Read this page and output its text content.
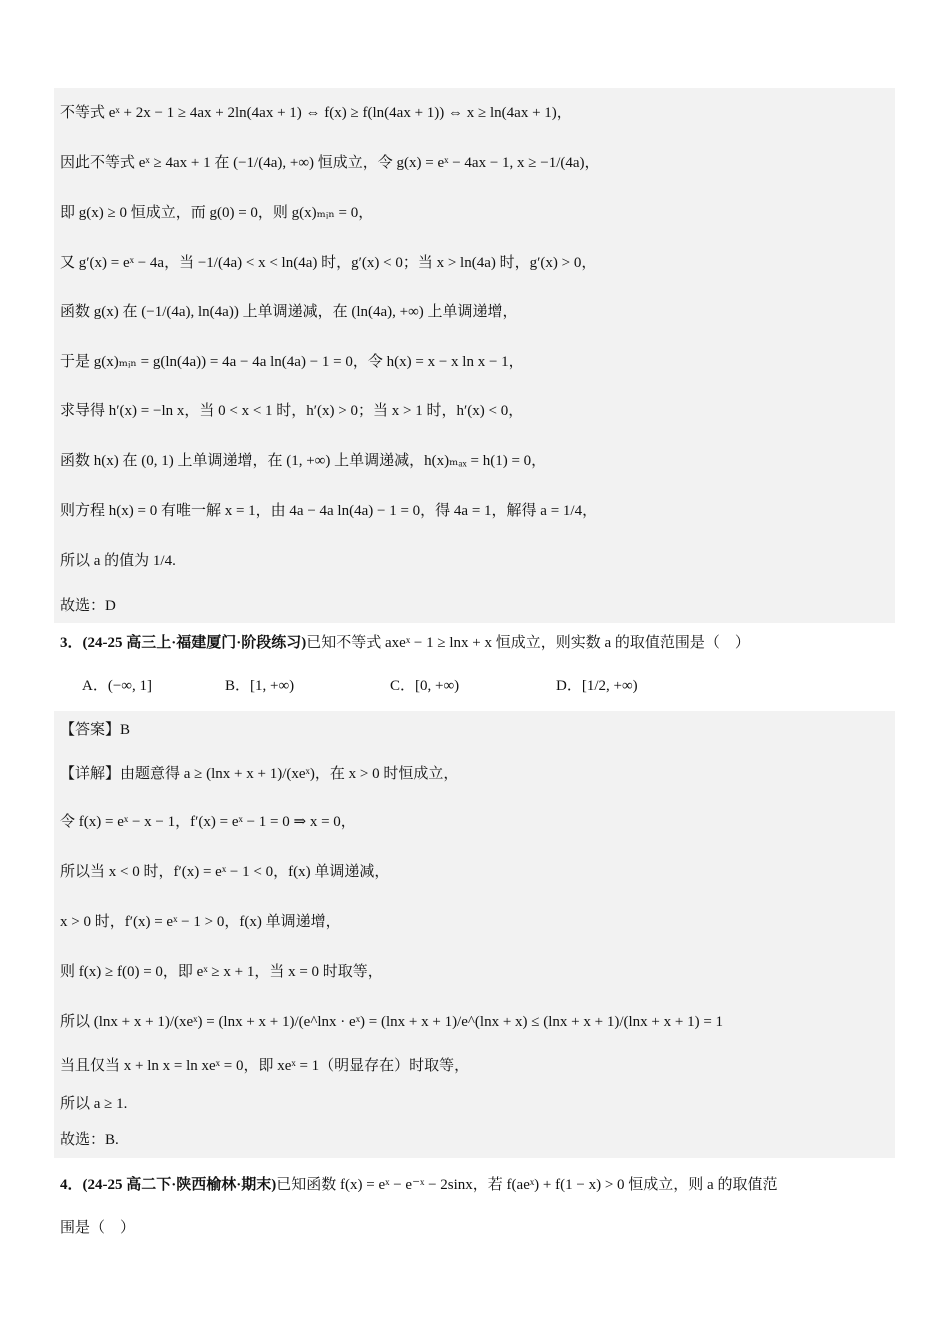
不等式 eˣ + 2x − 1 ≥ 4ax + 2ln(4ax + 1) ⇔ f(x) ≥ f(ln(4ax + 1)) ⇔ x ≥ ln(4ax + 1)，
因此不等式 eˣ ≥ 4ax + 1 在 (−1/(4a), +∞) 恒成立，令 g(x) = eˣ − 4ax − 1, x ≥ −1/(4a)，
即 g(x) ≥ 0 恒成立，而 g(0) = 0，则 g(x)ₘᵢₙ = 0，
又 g′(x) = eˣ − 4a，当 −1/(4a) < x < ln(4a) 时，g′(x) < 0；当 x > ln(4a) 时，g′(x) > 0，
函数 g(x) 在 (−1/(4a), ln(4a)) 上单调递减，在 (ln(4a), +∞) 上单调递增，
于是 g(x)ₘᵢₙ = g(ln(4a)) = 4a − 4a ln(4a) − 1 = 0，令 h(x) = x − x ln x − 1，
求导得 h′(x) = −ln x，当 0 < x < 1 时，h′(x) > 0；当 x > 1 时，h′(x) < 0，
函数 h(x) 在 (0, 1) 上单调递增，在 (1, +∞) 上单调递减，h(x)ₘₐₓ = h(1) = 0，
则方程 h(x) = 0 有唯一解 x = 1，由 4a − 4a ln(4a) − 1 = 0，得 4a = 1，解得 a = 1/4，
所以 a 的值为 1/4.
故选：D
3．(24-25 高三上·福建厦门·阶段练习)已知不等式 axeˣ − 1 ≥ lnx + x 恒成立，则实数 a 的取值范围是（　）
A．(−∞, 1]	B．[1, +∞)	C．[0, +∞)	D．[1/2, +∞)
【答案】B
【详解】由题意得 a ≥ (lnx + x + 1)/(xeˣ)，在 x > 0 时恒成立，
令 f(x) = eˣ − x − 1，f′(x) = eˣ − 1 = 0 ⇒ x = 0，
所以当 x < 0 时，f′(x) = eˣ − 1 < 0，f(x) 单调递减，
x > 0 时，f′(x) = eˣ − 1 > 0，f(x) 单调递增，
则 f(x) ≥ f(0) = 0，即 eˣ ≥ x + 1，当 x = 0 时取等，
所以 (lnx + x + 1)/(xeˣ) = (lnx + x + 1)/(e^lnx · eˣ) = (lnx + x + 1)/e^(lnx + x) ≤ (lnx + x + 1)/(lnx + x + 1) = 1
当且仅当 x + ln x = ln xeˣ = 0，即 xeˣ = 1（明显存在）时取等，
所以 a ≥ 1.
故选：B.
4．(24-25 高二下·陕西榆林·期末)已知函数 f(x) = eˣ − e⁻ˣ − 2sinx，若 f(aeˣ) + f(1 − x) > 0 恒成立，则 a 的取值范
围是（　）
